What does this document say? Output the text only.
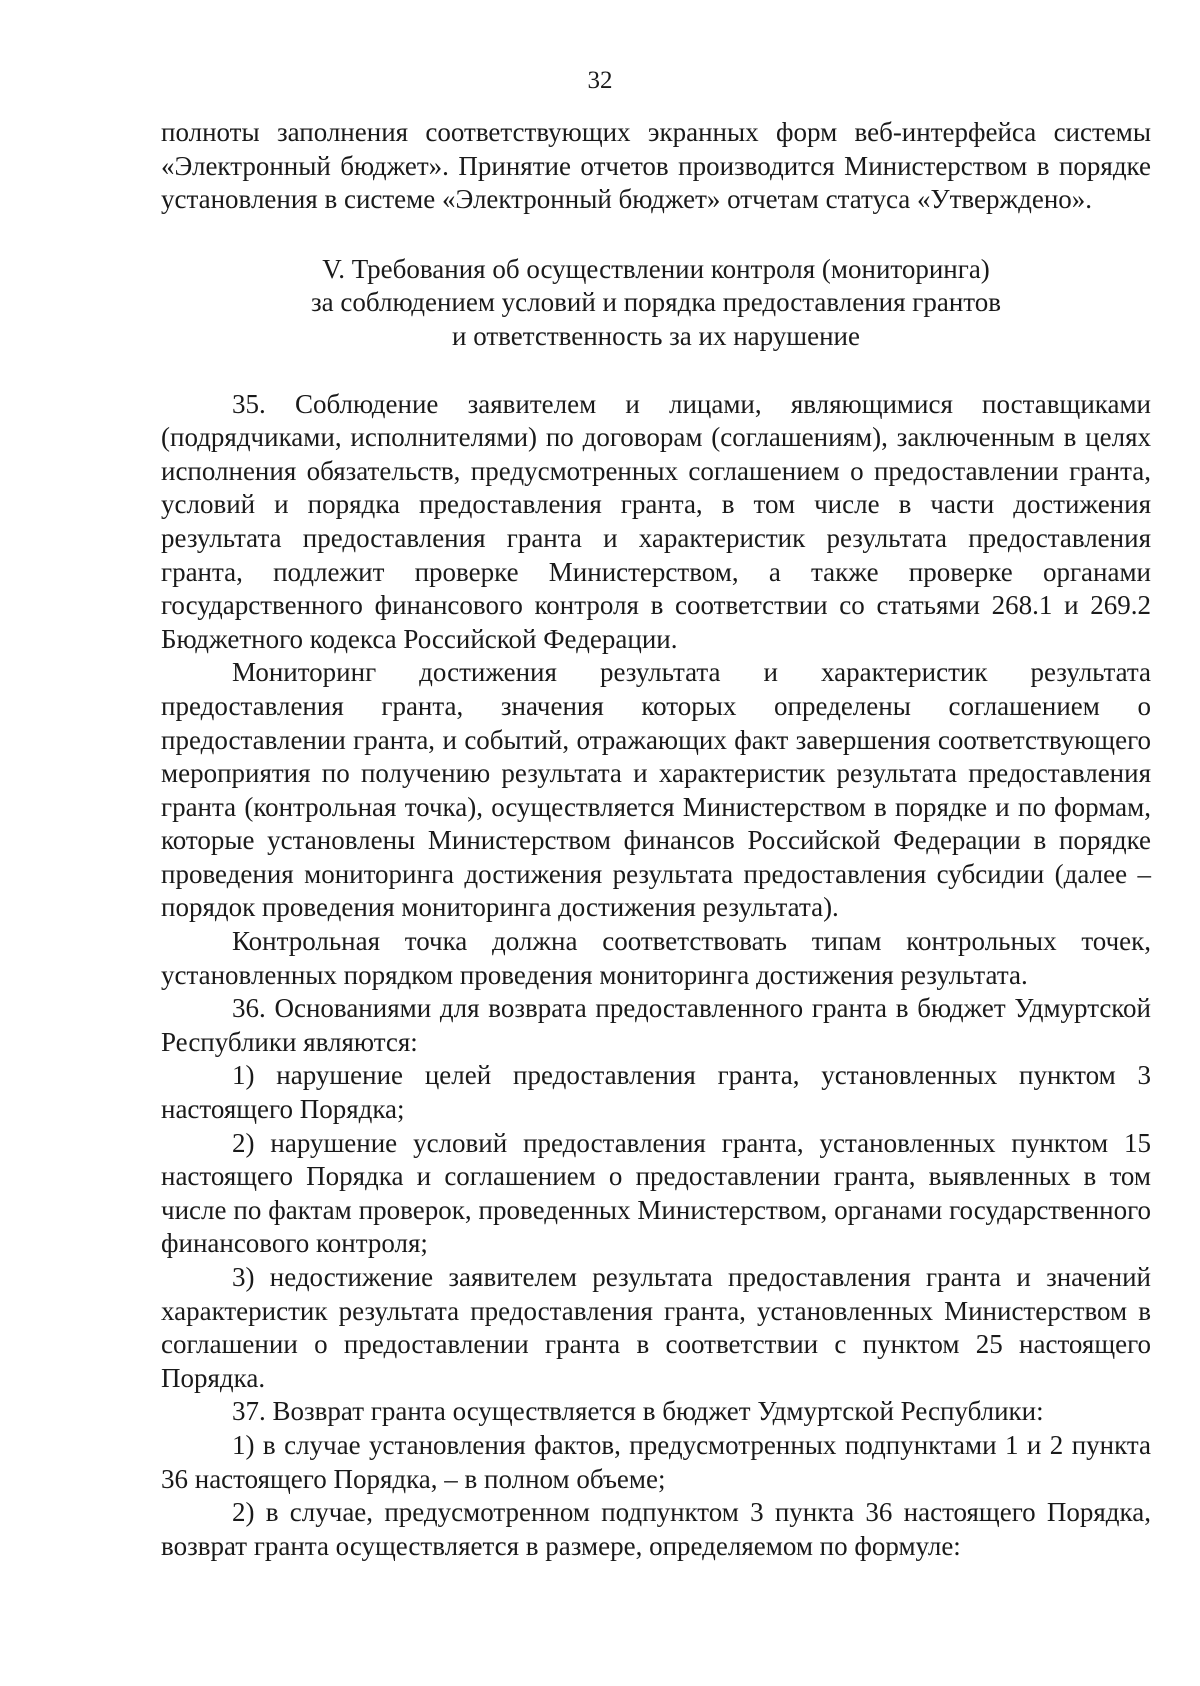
32

полноты заполнения соответствующих экранных форм веб-интерфейса системы «Электронный бюджет». Принятие отчетов производится Министерством в порядке установления в системе «Электронный бюджет» отчетам статуса «Утверждено».

V. Требования об осуществлении контроля (мониторинга)
за соблюдением условий и порядка предоставления грантов
и ответственность за их нарушение

35. Соблюдение заявителем и лицами, являющимися поставщиками (подрядчиками, исполнителями) по договорам (соглашениям), заключенным в целях исполнения обязательств, предусмотренных соглашением о предоставлении гранта, условий и порядка предоставления гранта, в том числе в части достижения результата предоставления гранта и характеристик результата предоставления гранта, подлежит проверке Министерством, а также проверке органами государственного финансового контроля в соответствии со статьями 268.1 и 269.2 Бюджетного кодекса Российской Федерации.

Мониторинг достижения результата и характеристик результата предоставления гранта, значения которых определены соглашением о предоставлении гранта, и событий, отражающих факт завершения соответствующего мероприятия по получению результата и характеристик результата предоставления гранта (контрольная точка), осуществляется Министерством в порядке и по формам, которые установлены Министерством финансов Российской Федерации в порядке проведения мониторинга достижения результата предоставления субсидии (далее – порядок проведения мониторинга достижения результата).

Контрольная точка должна соответствовать типам контрольных точек, установленных порядком проведения мониторинга достижения результата.

36. Основаниями для возврата предоставленного гранта в бюджет Удмуртской Республики являются:

1) нарушение целей предоставления гранта, установленных пунктом 3 настоящего Порядка;

2) нарушение условий предоставления гранта, установленных пунктом 15 настоящего Порядка и соглашением о предоставлении гранта, выявленных в том числе по фактам проверок, проведенных Министерством, органами государственного финансового контроля;

3) недостижение заявителем результата предоставления гранта и значений характеристик результата предоставления гранта, установленных Министерством в соглашении о предоставлении гранта в соответствии с пунктом 25 настоящего Порядка.

37. Возврат гранта осуществляется в бюджет Удмуртской Республики:

1) в случае установления фактов, предусмотренных подпунктами 1 и 2 пункта 36 настоящего Порядка, – в полном объеме;

2) в случае, предусмотренном подпунктом 3 пункта 36 настоящего Порядка, возврат гранта осуществляется в размере, определяемом по формуле:
